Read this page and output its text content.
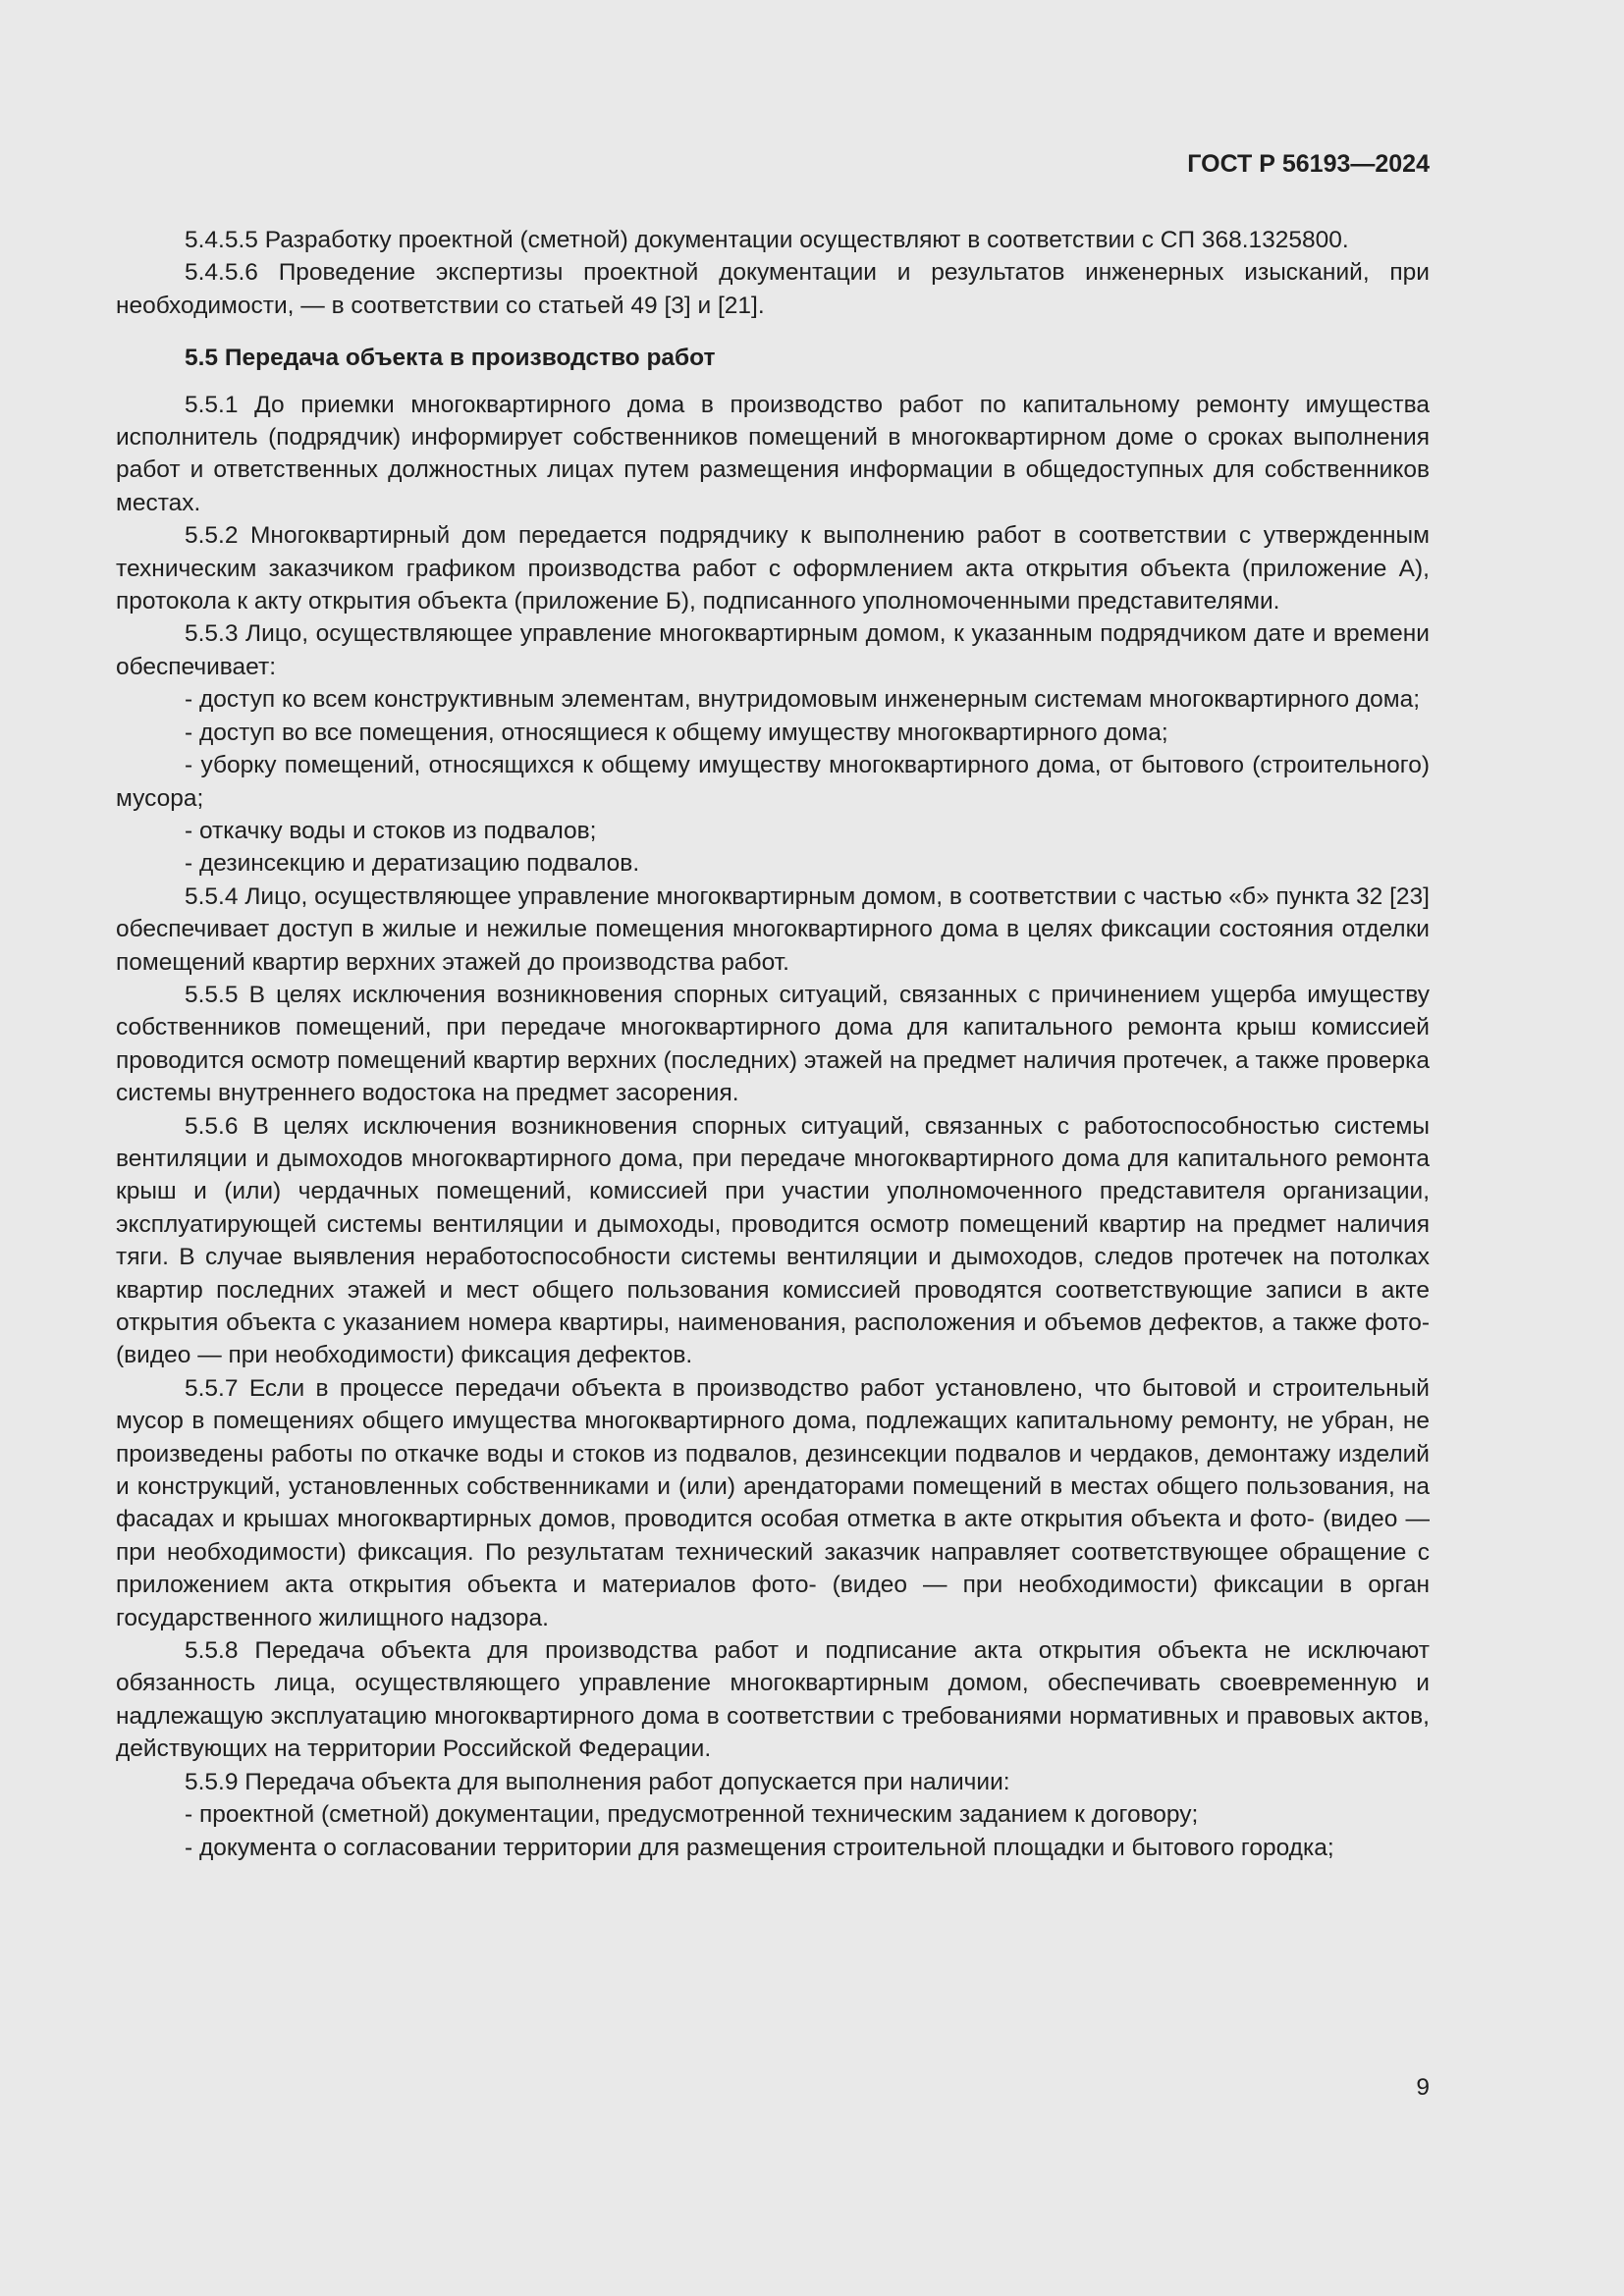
ГОСТ Р 56193—2024

5.4.5.5 Разработку проектной (сметной) документации осуществляют в соответствии с СП 368.1325800.

5.4.5.6 Проведение экспертизы проектной документации и результатов инженерных изысканий, при необходимости, — в соответствии со статьей 49 [3] и [21].

5.5 Передача объекта в производство работ

5.5.1 До приемки многоквартирного дома в производство работ по капитальному ремонту имущества исполнитель (подрядчик) информирует собственников помещений в многоквартирном доме о сроках выполнения работ и ответственных должностных лицах путем размещения информации в общедоступных для собственников местах.

5.5.2 Многоквартирный дом передается подрядчику к выполнению работ в соответствии с утвержденным техническим заказчиком графиком производства работ с оформлением акта открытия объекта (приложение А), протокола к акту открытия объекта (приложение Б), подписанного уполномоченными представителями.

5.5.3 Лицо, осуществляющее управление многоквартирным домом, к указанным подрядчиком дате и времени обеспечивает:

- доступ ко всем конструктивным элементам, внутридомовым инженерным системам многоквартирного дома;

- доступ во все помещения, относящиеся к общему имуществу многоквартирного дома;

- уборку помещений, относящихся к общему имуществу многоквартирного дома, от бытового (строительного) мусора;

- откачку воды и стоков из подвалов;

- дезинсекцию и дератизацию подвалов.

5.5.4 Лицо, осуществляющее управление многоквартирным домом, в соответствии с частью «б» пункта 32 [23] обеспечивает доступ в жилые и нежилые помещения многоквартирного дома в целях фиксации состояния отделки помещений квартир верхних этажей до производства работ.

5.5.5 В целях исключения возникновения спорных ситуаций, связанных с причинением ущерба имуществу собственников помещений, при передаче многоквартирного дома для капитального ремонта крыш комиссией проводится осмотр помещений квартир верхних (последних) этажей на предмет наличия протечек, а также проверка системы внутреннего водостока на предмет засорения.

5.5.6 В целях исключения возникновения спорных ситуаций, связанных с работоспособностью системы вентиляции и дымоходов многоквартирного дома, при передаче многоквартирного дома для капитального ремонта крыш и (или) чердачных помещений, комиссией при участии уполномоченного представителя организации, эксплуатирующей системы вентиляции и дымоходы, проводится осмотр помещений квартир на предмет наличия тяги. В случае выявления неработоспособности системы вентиляции и дымоходов, следов протечек на потолках квартир последних этажей и мест общего пользования комиссией проводятся соответствующие записи в акте открытия объекта с указанием номера квартиры, наименования, расположения и объемов дефектов, а также фото- (видео — при необходимости) фиксация дефектов.

5.5.7 Если в процессе передачи объекта в производство работ установлено, что бытовой и строительный мусор в помещениях общего имущества многоквартирного дома, подлежащих капитальному ремонту, не убран, не произведены работы по откачке воды и стоков из подвалов, дезинсекции подвалов и чердаков, демонтажу изделий и конструкций, установленных собственниками и (или) арендаторами помещений в местах общего пользования, на фасадах и крышах многоквартирных домов, проводится особая отметка в акте открытия объекта и фото- (видео — при необходимости) фиксация. По результатам технический заказчик направляет соответствующее обращение с приложением акта открытия объекта и материалов фото- (видео — при необходимости) фиксации в орган государственного жилищного надзора.

5.5.8 Передача объекта для производства работ и подписание акта открытия объекта не исключают обязанность лица, осуществляющего управление многоквартирным домом, обеспечивать своевременную и надлежащую эксплуатацию многоквартирного дома в соответствии с требованиями нормативных и правовых актов, действующих на территории Российской Федерации.

5.5.9 Передача объекта для выполнения работ допускается при наличии:

- проектной (сметной) документации, предусмотренной техническим заданием к договору;

- документа о согласовании территории для размещения строительной площадки и бытового городка;

9
